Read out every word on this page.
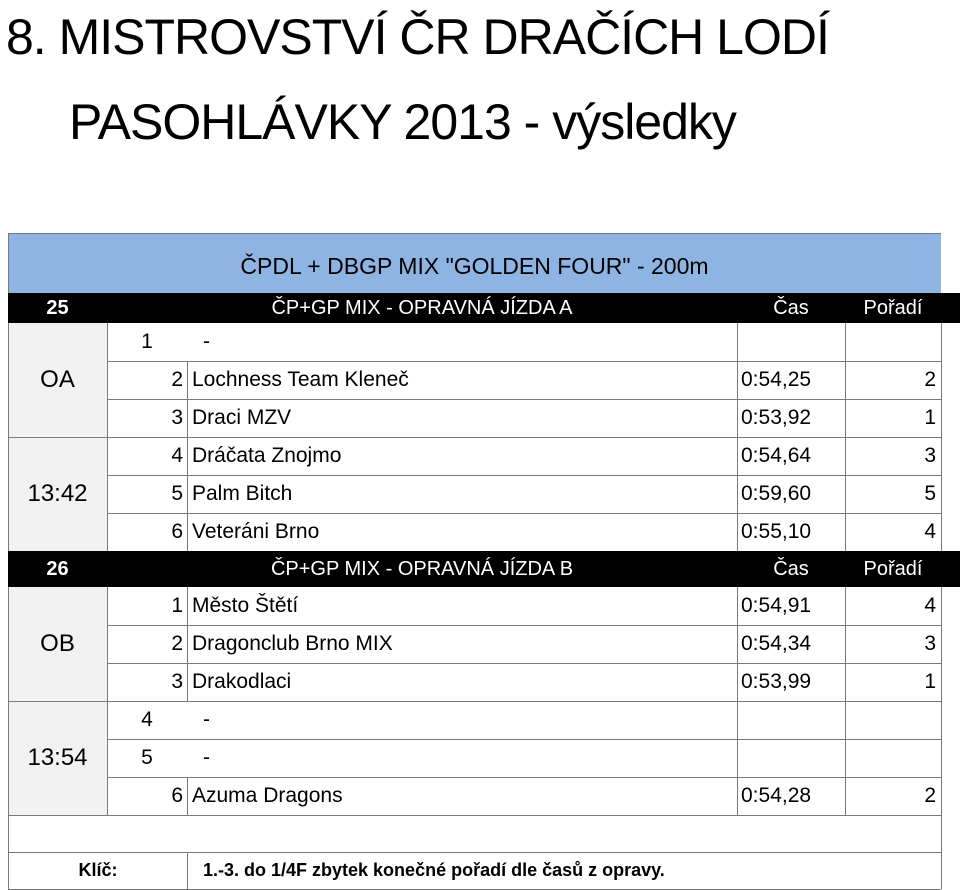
8. MISTROVSTVÍ ČR DRAČÍCH LODÍ
PASOHLÁVKY 2013 - výsledky
ČPDL + DBGP MIX "GOLDEN FOUR" - 200m
25	ČP+GP MIX - OPRAVNÁ JÍZDA A	Čas	Pořadí
OA
13:42
1	-
2 Lochness Team Kleneč	0:54,25	2
3 Draci MZV	0:53,92	1
4 Dráčata Znojmo	0:54,64	3
5 Palm Bitch	0:59,60	5
6 Veteráni Brno	0:55,10	4
26	ČP+GP MIX - OPRAVNÁ JÍZDA B	Čas	Pořadí
OB
13:54
1 Město Štětí	0:54,91	4
2 Dragonclub Brno MIX	0:54,34	3
3 Drakodlaci	0:53,99	1
4	-
5	-
6 Azuma Dragons	0:54,28	2
Klíč:	1.-3. do 1/4F zbytek konečné pořadí dle časů z opravy.
